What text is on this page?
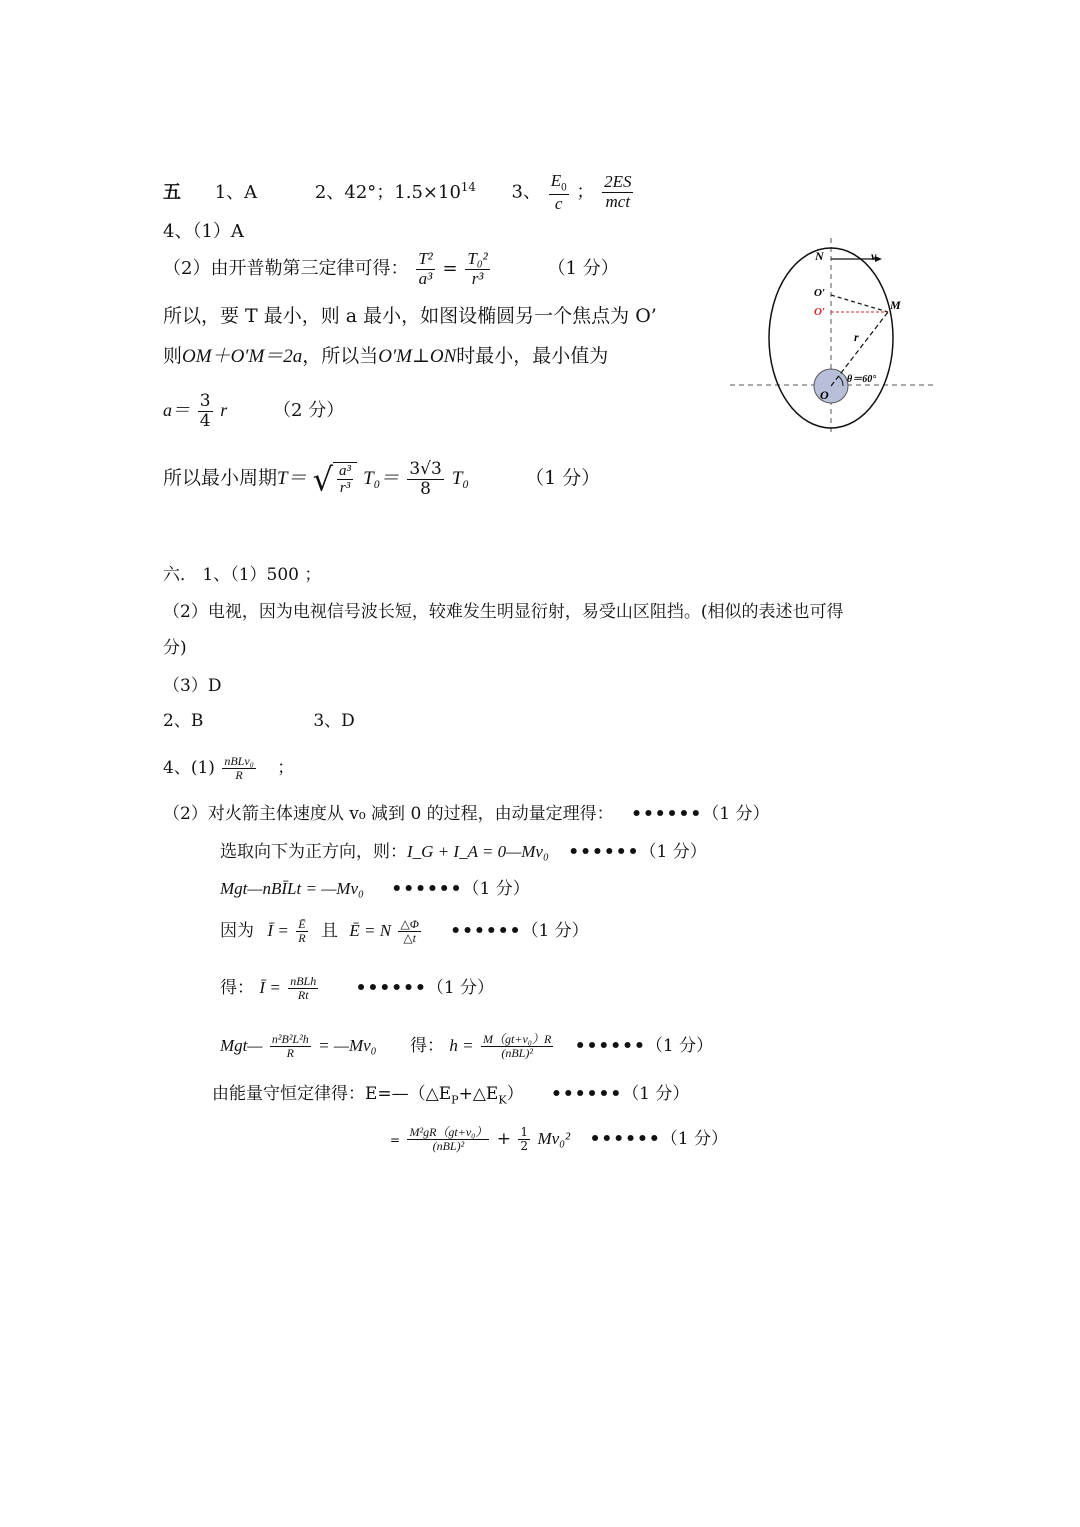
五 1、A	2、42°；$1.5\times 10^{14}$ 3、 $\frac{E_0}{c}$ ； $\frac{2ES}{\text{mct}}$
4、（1）A
（2）由开普勒第三定律可得： $\frac{\text{T²}}{\text{a³}} = \frac{\text{T₀²}}{\text{r³}}$	（1 分）
所以，要 T 最小，则 a 最小，如图设椭圆另一个焦点为 O’
则OM＋O′M＝2a，所以当O′M⊥ON时最小，最小值为
$a= \frac{3}{4}$ r	（2 分）
所以最小周期T＝ √ $\frac{\text{a³}}{\text{r³}} T_0= \frac{3√3}{8} T_0$	（1 分）
N	v
O′
O′	M
r
θ＝60°
O
六． 1、（1）500 ；
（2）电视，因为电视信号波长短，较难发生明显衍射，易受山区阻挡。(相似的表述也可得
分)
（3）D
2、B	3、D
4、$(1) \frac{\text{nBLv₀}}{R}$ ；
（2）对火箭主体速度从 v₀ 减到 0 的过程，由动量定理得： ••••••（1 分）
选取向下为正方向，则：I_G + I_A = 0—Mv₀ ••••••（1 分）
Mgt—nBĪLt = —Mv₀ ••••••（1 分）
因为 Ī = $\frac{Ē}{R}$ 且 Ē = N $\frac{\triangle\Phi}{\triangle t}$ ••••••（1 分）
得： Ī = $\frac{\text{nBLh}}{Rt}$ ••••••（1 分）
Mgt— $\frac{\text{n²B²L²h}}{R}$ = —Mv₀ 得： $h = \frac{\text{M（gt+v₀）R}}{\text{(nBL)²}}$ ••••••（1 分）
由能量守恒定律得：$E=—(\triangle E_P+\triangle E_K)$ ••••••（1 分）
= $\frac{\text{M²gR（gt+v₀）}}{\text{(nBL)²}} + \frac{1}{2} Mv_0^2$ ••••••（1 分）
